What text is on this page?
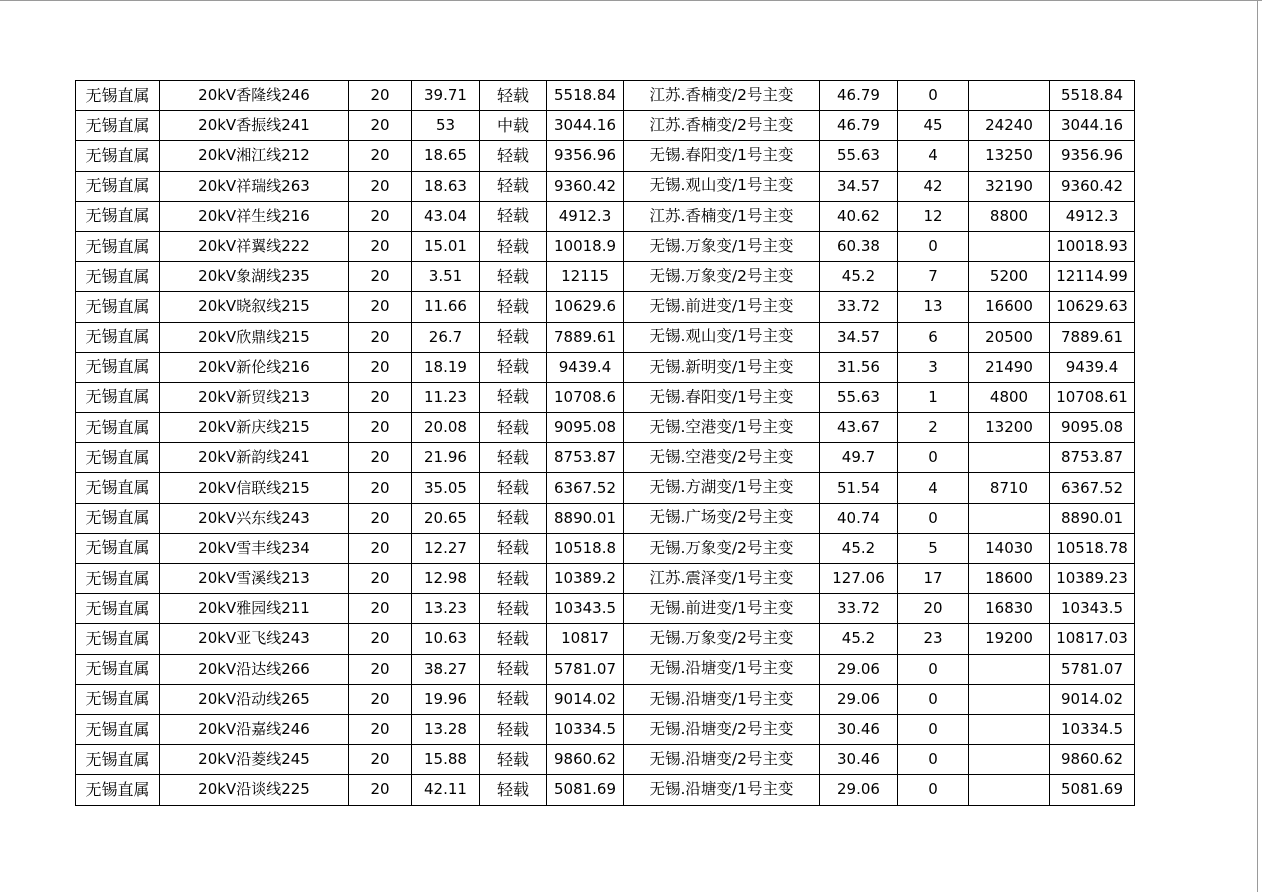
无锡直属	20kV香隆线246	20	39.71	轻载	5518.84	江苏.香楠变/2号主变	46.79	0		5518.84
无锡直属	20kV香振线241	20	53	中载	3044.16	江苏.香楠变/2号主变	46.79	45	24240	3044.16
无锡直属	20kV湘江线212	20	18.65	轻载	9356.96	无锡.春阳变/1号主变	55.63	4	13250	9356.96
无锡直属	20kV祥瑞线263	20	18.63	轻载	9360.42	无锡.观山变/1号主变	34.57	42	32190	9360.42
无锡直属	20kV祥生线216	20	43.04	轻载	4912.3	江苏.香楠变/1号主变	40.62	12	8800	4912.3
无锡直属	20kV祥翼线222	20	15.01	轻载	10018.9	无锡.万象变/1号主变	60.38	0		10018.93
无锡直属	20kV象湖线235	20	3.51	轻载	12115	无锡.万象变/2号主变	45.2	7	5200	12114.99
无锡直属	20kV晓叙线215	20	11.66	轻载	10629.6	无锡.前进变/1号主变	33.72	13	16600	10629.63
无锡直属	20kV欣鼎线215	20	26.7	轻载	7889.61	无锡.观山变/1号主变	34.57	6	20500	7889.61
无锡直属	20kV新伦线216	20	18.19	轻载	9439.4	无锡.新明变/1号主变	31.56	3	21490	9439.4
无锡直属	20kV新贸线213	20	11.23	轻载	10708.6	无锡.春阳变/1号主变	55.63	1	4800	10708.61
无锡直属	20kV新庆线215	20	20.08	轻载	9095.08	无锡.空港变/1号主变	43.67	2	13200	9095.08
无锡直属	20kV新韵线241	20	21.96	轻载	8753.87	无锡.空港变/2号主变	49.7	0		8753.87
无锡直属	20kV信联线215	20	35.05	轻载	6367.52	无锡.方湖变/1号主变	51.54	4	8710	6367.52
无锡直属	20kV兴东线243	20	20.65	轻载	8890.01	无锡.广场变/2号主变	40.74	0		8890.01
无锡直属	20kV雪丰线234	20	12.27	轻载	10518.8	无锡.万象变/2号主变	45.2	5	14030	10518.78
无锡直属	20kV雪溪线213	20	12.98	轻载	10389.2	江苏.震泽变/1号主变	127.06	17	18600	10389.23
无锡直属	20kV雅园线211	20	13.23	轻载	10343.5	无锡.前进变/1号主变	33.72	20	16830	10343.5
无锡直属	20kV亚飞线243	20	10.63	轻载	10817	无锡.万象变/2号主变	45.2	23	19200	10817.03
无锡直属	20kV沿达线266	20	38.27	轻载	5781.07	无锡.沿塘变/1号主变	29.06	0		5781.07
无锡直属	20kV沿动线265	20	19.96	轻载	9014.02	无锡.沿塘变/1号主变	29.06	0		9014.02
无锡直属	20kV沿嘉线246	20	13.28	轻载	10334.5	无锡.沿塘变/2号主变	30.46	0		10334.5
无锡直属	20kV沿菱线245	20	15.88	轻载	9860.62	无锡.沿塘变/2号主变	30.46	0		9860.62
无锡直属	20kV沿谈线225	20	42.11	轻载	5081.69	无锡.沿塘变/1号主变	29.06	0		5081.69
